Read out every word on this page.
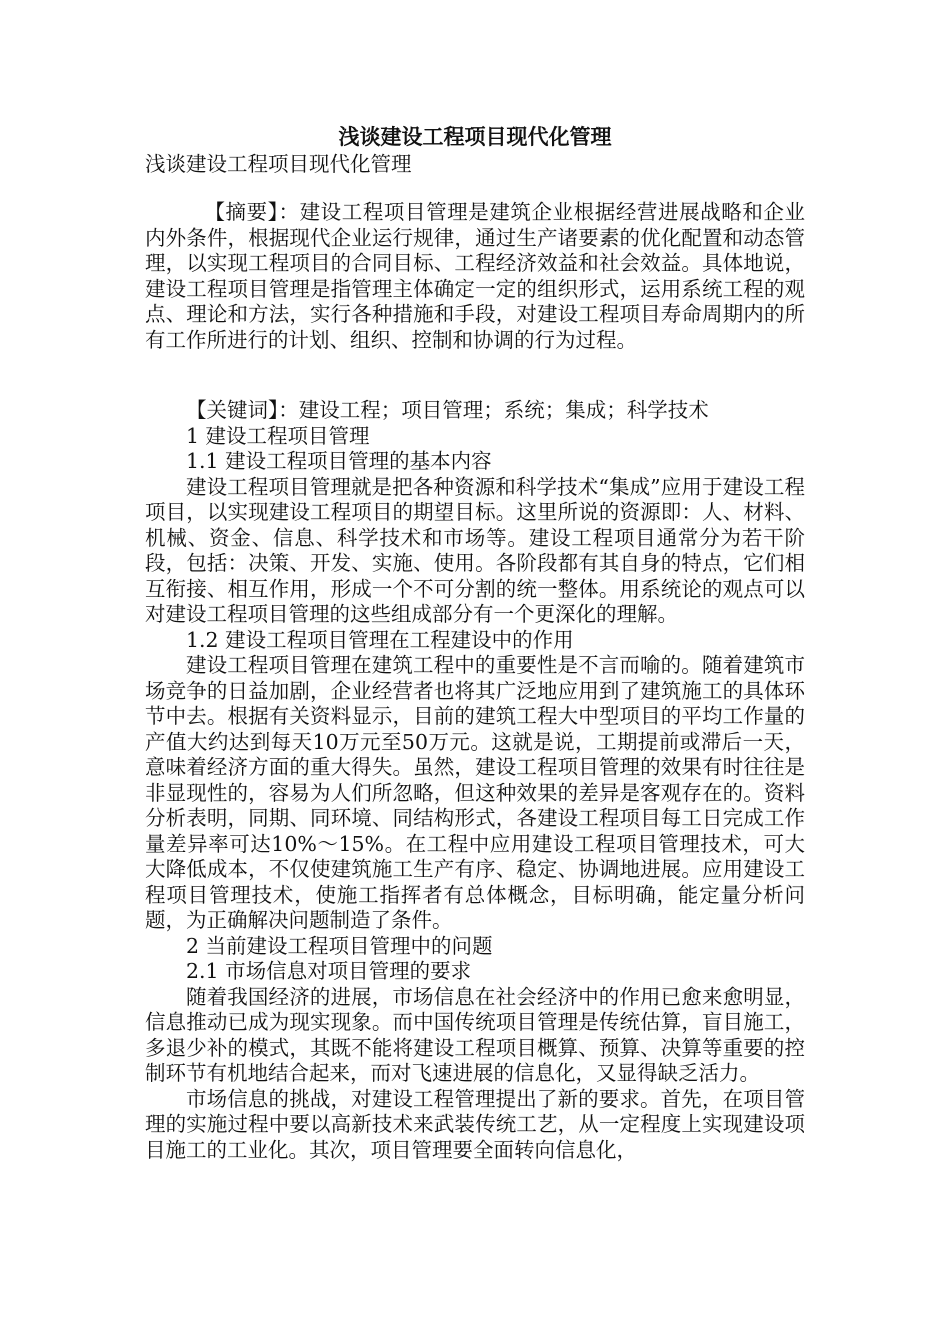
浅谈建设工程项目现代化管理

浅谈建设工程项目现代化管理

【摘要】：建设工程项目管理是建筑企业根据经营进展战略和企业内外条件，根据现代企业运行规律，通过生产诸要素的优化配置和动态管理，以实现工程项目的合同目标、工程经济效益和社会效益。具体地说，建设工程项目管理是指管理主体确定一定的组织形式，运用系统工程的观点、理论和方法，实行各种措施和手段，对建设工程项目寿命周期内的所有工作所进行的计划、组织、控制和协调的行为过程。

【关键词】：建设工程；项目管理；系统；集成；科学技术

1 建设工程项目管理

1.1 建设工程项目管理的基本内容

建设工程项目管理就是把各种资源和科学技术“集成”应用于建设工程项目，以实现建设工程项目的期望目标。这里所说的资源即：人、材料、机械、资金、信息、科学技术和市场等。建设工程项目通常分为若干阶段，包括：决策、开发、实施、使用。各阶段都有其自身的特点，它们相互衔接、相互作用，形成一个不可分割的统一整体。用系统论的观点可以对建设工程项目管理的这些组成部分有一个更深化的理解。

1.2 建设工程项目管理在工程建设中的作用

建设工程项目管理在建筑工程中的重要性是不言而喻的。随着建筑市场竞争的日益加剧，企业经营者也将其广泛地应用到了建筑施工的具体环节中去。根据有关资料显示，目前的建筑工程大中型项目的平均工作量的产值大约达到每天10万元至50万元。这就是说，工期提前或滞后一天，意味着经济方面的重大得失。虽然，建设工程项目管理的效果有时往往是非显现性的，容易为人们所忽略，但这种效果的差异是客观存在的。资料分析表明，同期、同环境、同结构形式，各建设工程项目每工日完成工作量差异率可达10%～15%。在工程中应用建设工程项目管理技术，可大大降低成本，不仅使建筑施工生产有序、稳定、协调地进展。应用建设工程项目管理技术，使施工指挥者有总体概念，目标明确，能定量分析问题，为正确解决问题制造了条件。

2 当前建设工程项目管理中的问题

2.1 市场信息对项目管理的要求

随着我国经济的进展，市场信息在社会经济中的作用已愈来愈明显，信息推动已成为现实现象。而中国传统项目管理是传统估算，盲目施工，多退少补的模式，其既不能将建设工程项目概算、预算、决算等重要的控制环节有机地结合起来，而对飞速进展的信息化，又显得缺乏活力。

市场信息的挑战，对建设工程管理提出了新的要求。首先，在项目管理的实施过程中要以高新技术来武装传统工艺，从一定程度上实现建设项目施工的工业化。其次，项目管理要全面转向信息化，
